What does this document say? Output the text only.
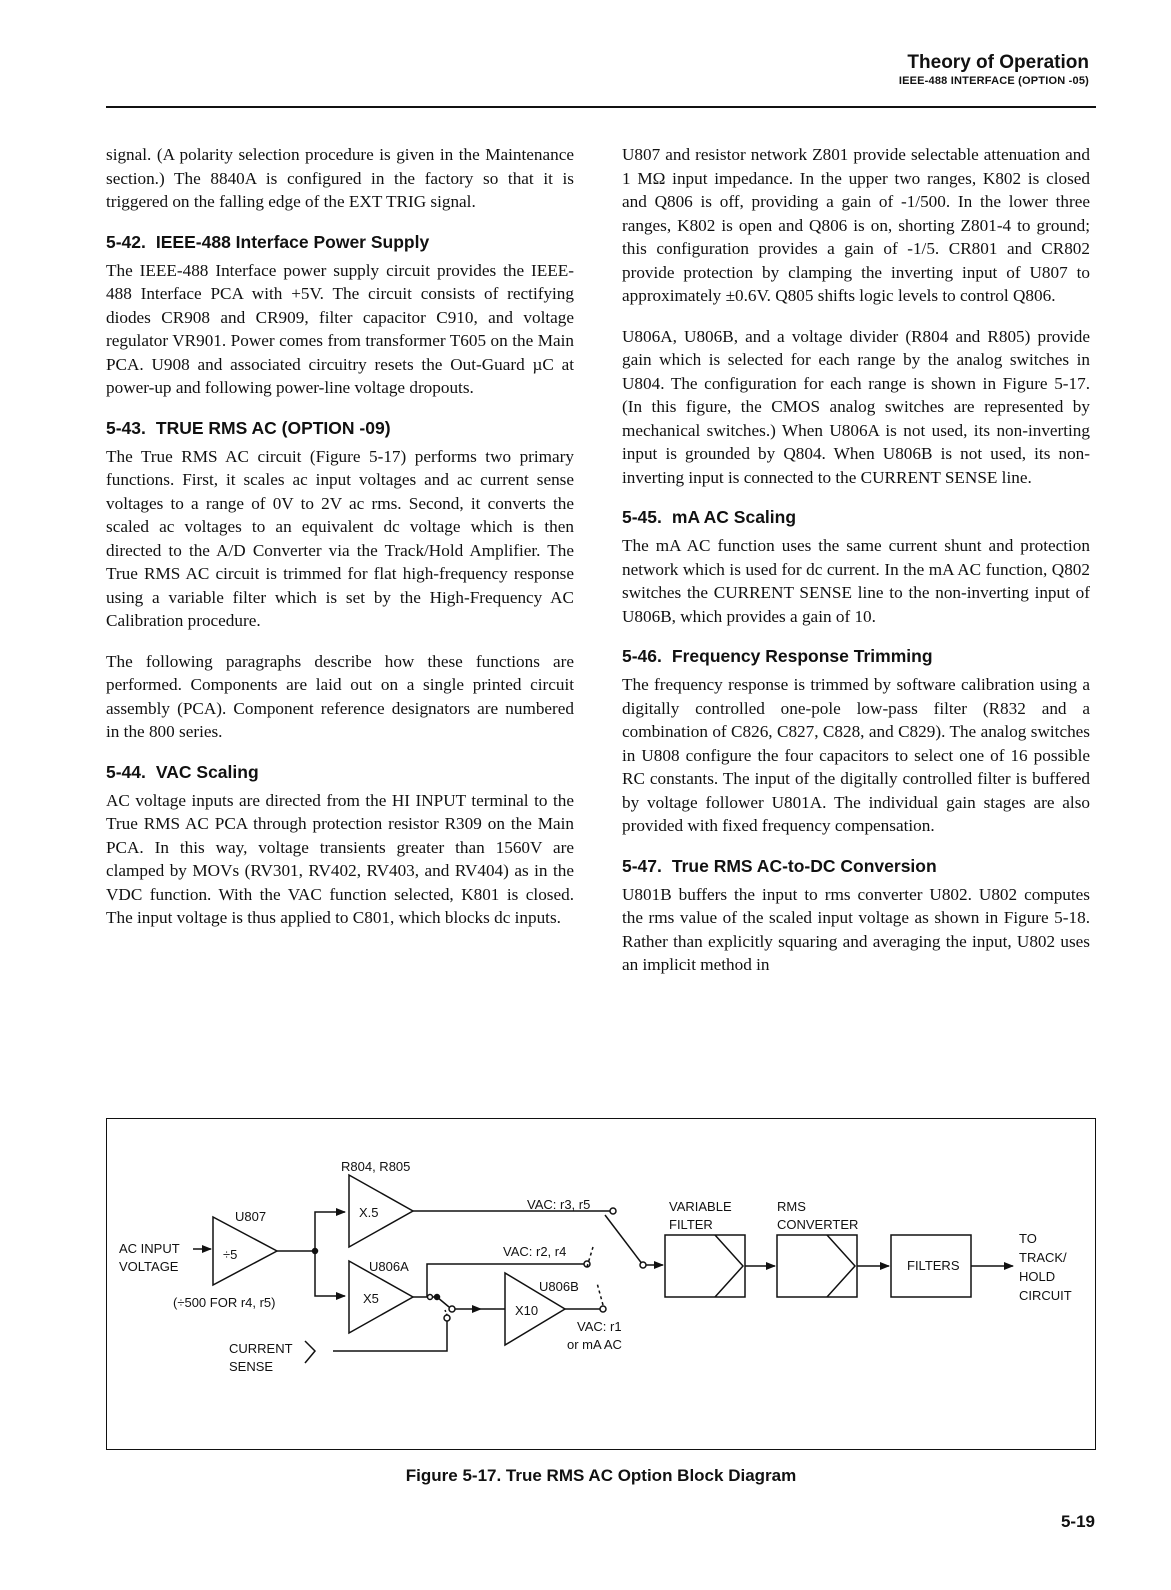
Theory of Operation
IEEE-488 INTERFACE (OPTION -05)

signal. (A polarity selection procedure is given in the Maintenance section.) The 8840A is configured in the factory so that it is triggered on the falling edge of the EXT TRIG signal.

5-42. IEEE-488 Interface Power Supply

The IEEE-488 Interface power supply circuit provides the IEEE-488 Interface PCA with +5V. The circuit consists of rectifying diodes CR908 and CR909, filter capacitor C910, and voltage regulator VR901. Power comes from transformer T605 on the Main PCA. U908 and associated circuitry resets the Out-Guard µC at power-up and following power-line voltage dropouts.

5-43. TRUE RMS AC (OPTION -09)

The True RMS AC circuit (Figure 5-17) performs two primary functions. First, it scales ac input voltages and ac current sense voltages to a range of 0V to 2V ac rms. Second, it converts the scaled ac voltages to an equivalent dc voltage which is then directed to the A/D Converter via the Track/Hold Amplifier. The True RMS AC circuit is trimmed for flat high-frequency response using a variable filter which is set by the High-Frequency AC Calibration procedure.

The following paragraphs describe how these functions are performed. Components are laid out on a single printed circuit assembly (PCA). Component reference designators are numbered in the 800 series.

5-44. VAC Scaling

AC voltage inputs are directed from the HI INPUT terminal to the True RMS AC PCA through protection resistor R309 on the Main PCA. In this way, voltage transients greater than 1560V are clamped by MOVs (RV301, RV402, RV403, and RV404) as in the VDC function. With the VAC function selected, K801 is closed. The input voltage is thus applied to C801, which blocks dc inputs.

U807 and resistor network Z801 provide selectable attenuation and 1 MΩ input impedance. In the upper two ranges, K802 is closed and Q806 is off, providing a gain of -1/500. In the lower three ranges, K802 is open and Q806 is on, shorting Z801-4 to ground; this configuration provides a gain of -1/5. CR801 and CR802 provide protection by clamping the inverting input of U807 to approximately ±0.6V. Q805 shifts logic levels to control Q806.

U806A, U806B, and a voltage divider (R804 and R805) provide gain which is selected for each range by the analog switches in U804. The configuration for each range is shown in Figure 5-17. (In this figure, the CMOS analog switches are represented by mechanical switches.) When U806A is not used, its non-inverting input is grounded by Q804. When U806B is not used, its non-inverting input is connected to the CURRENT SENSE line.

5-45. mA AC Scaling

The mA AC function uses the same current shunt and protection network which is used for dc current. In the mA AC function, Q802 switches the CURRENT SENSE line to the non-inverting input of U806B, which provides a gain of 10.

5-46. Frequency Response Trimming

The frequency response is trimmed by software calibration using a digitally controlled one-pole low-pass filter (R832 and a combination of C826, C827, C828, and C829). The analog switches in U808 configure the four capacitors to select one of 16 possible RC constants. The input of the digitally controlled filter is buffered by voltage follower U801A. The individual gain stages are also provided with fixed frequency compensation.

5-47. True RMS AC-to-DC Conversion

U801B buffers the input to rms converter U802. U802 computes the rms value of the scaled input voltage as shown in Figure 5-18. Rather than explicitly squaring and averaging the input, U802 uses an implicit method in

R804, R805
X.5
U807
AC INPUT
VOLTAGE
÷5
(÷500 FOR r4, r5)
U806A
X5
U806B
X10
VAC: r3, r5
VAC: r2, r4
VAC: r1
or mA AC
CURRENT
SENSE
VARIABLE
FILTER
RMS
CONVERTER
FILTERS
TO
TRACK/
HOLD
CIRCUIT
Figure 5-17. True RMS AC Option Block Diagram
5-19
